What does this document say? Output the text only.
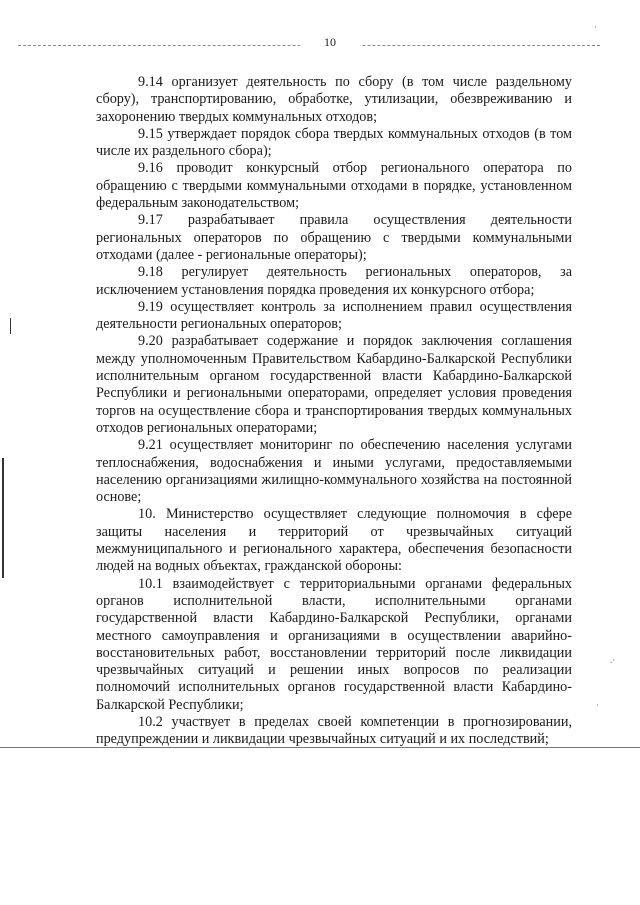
10
·
.·
·

9.14 организует деятельность по сбору (в том числе раздельному сбору), транспортированию, обработке, утилизации, обезвреживанию и захоронению твердых коммунальных отходов;

9.15 утверждает порядок сбора твердых коммунальных отходов (в том числе их раздельного сбора);

9.16 проводит конкурсный отбор регионального оператора по обращению с твердыми коммунальными отходами в порядке, установленном федеральным законодательством;

9.17 разрабатывает правила осуществления деятельности региональных операторов по обращению с твердыми коммунальными отходами (далее - региональные операторы);

9.18 регулирует деятельность региональных операторов, за исключением установления порядка проведения их конкурсного отбора;

9.19 осуществляет контроль за исполнением правил осуществления деятельности региональных операторов;

9.20 разрабатывает содержание и порядок заключения соглашения между уполномоченным Правительством Кабардино-Балкарской Республики исполнительным органом государственной власти Кабардино-Балкарской Республики и региональными операторами, определяет условия проведения торгов на осуществление сбора и транспортирования твердых коммунальных отходов региональных операторами;

9.21 осуществляет мониторинг по обеспечению населения услугами теплоснабжения, водоснабжения и иными услугами, предоставляемыми населению организациями жилищно-коммунального хозяйства на постоянной основе;

10. Министерство осуществляет следующие полномочия в сфере защиты населения и территорий от чрезвычайных ситуаций межмуниципального и регионального характера, обеспечения безопасности людей на водных объектах, гражданской обороны:

10.1 взаимодействует с территориальными органами федеральных органов исполнительной власти, исполнительными органами государственной власти Кабардино-Балкарской Республики, органами местного самоуправления и организациями в осуществлении аварийно-восстановительных работ, восстановлении территорий после ликвидации чрезвычайных ситуаций и решении иных вопросов по реализации полномочий исполнительных органов государственной власти Кабардино-Балкарской Республики;

10.2 участвует в пределах своей компетенции в прогнозировании, предупреждении и ликвидации чрезвычайных ситуаций и их последствий;
